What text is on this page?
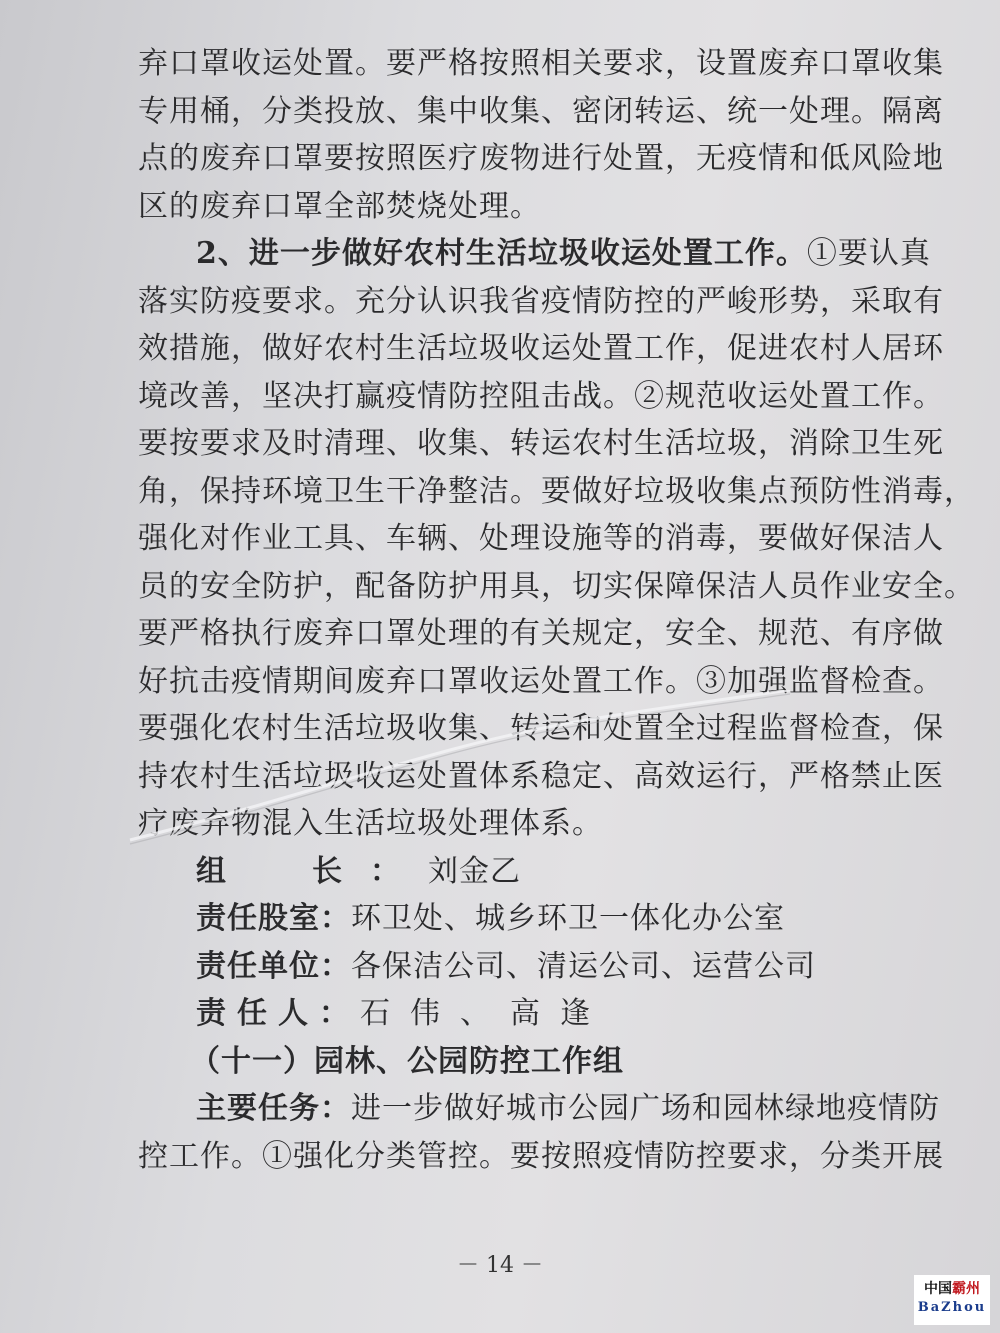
弃口罩收运处置。要严格按照相关要求，设置废弃口罩收集
专用桶，分类投放、集中收集、密闭转运、统一处理。隔离
点的废弃口罩要按照医疗废物进行处置，无疫情和低风险地
区的废弃口罩全部焚烧处理。
2、进一步做好农村生活垃圾收运处置工作。①要认真
落实防疫要求。充分认识我省疫情防控的严峻形势，采取有
效措施，做好农村生活垃圾收运处置工作，促进农村人居环
境改善，坚决打赢疫情防控阻击战。②规范收运处置工作。
要按要求及时清理、收集、转运农村生活垃圾，消除卫生死
角，保持环境卫生干净整洁。要做好垃圾收集点预防性消毒，
强化对作业工具、车辆、处理设施等的消毒，要做好保洁人
员的安全防护，配备防护用具，切实保障保洁人员作业安全。
要严格执行废弃口罩处理的有关规定，安全、规范、有序做
好抗击疫情期间废弃口罩收运处置工作。③加强监督检查。
要强化农村生活垃圾收集、转运和处置全过程监督检查，保
持农村生活垃圾收运处置体系稳定、高效运行，严格禁止医
疗废弃物混入生活垃圾处理体系。
组　长：刘金乙
责任股室：环卫处、城乡环卫一体化办公室
责任单位：各保洁公司、清运公司、运营公司
责任人：石伟、高逢
（十一）园林、公园防控工作组
主要任务：进一步做好城市公园广场和园林绿地疫情防
控工作。①强化分类管控。要按照疫情防控要求，分类开展
－ 14 －
中国霸州
BaZhou
